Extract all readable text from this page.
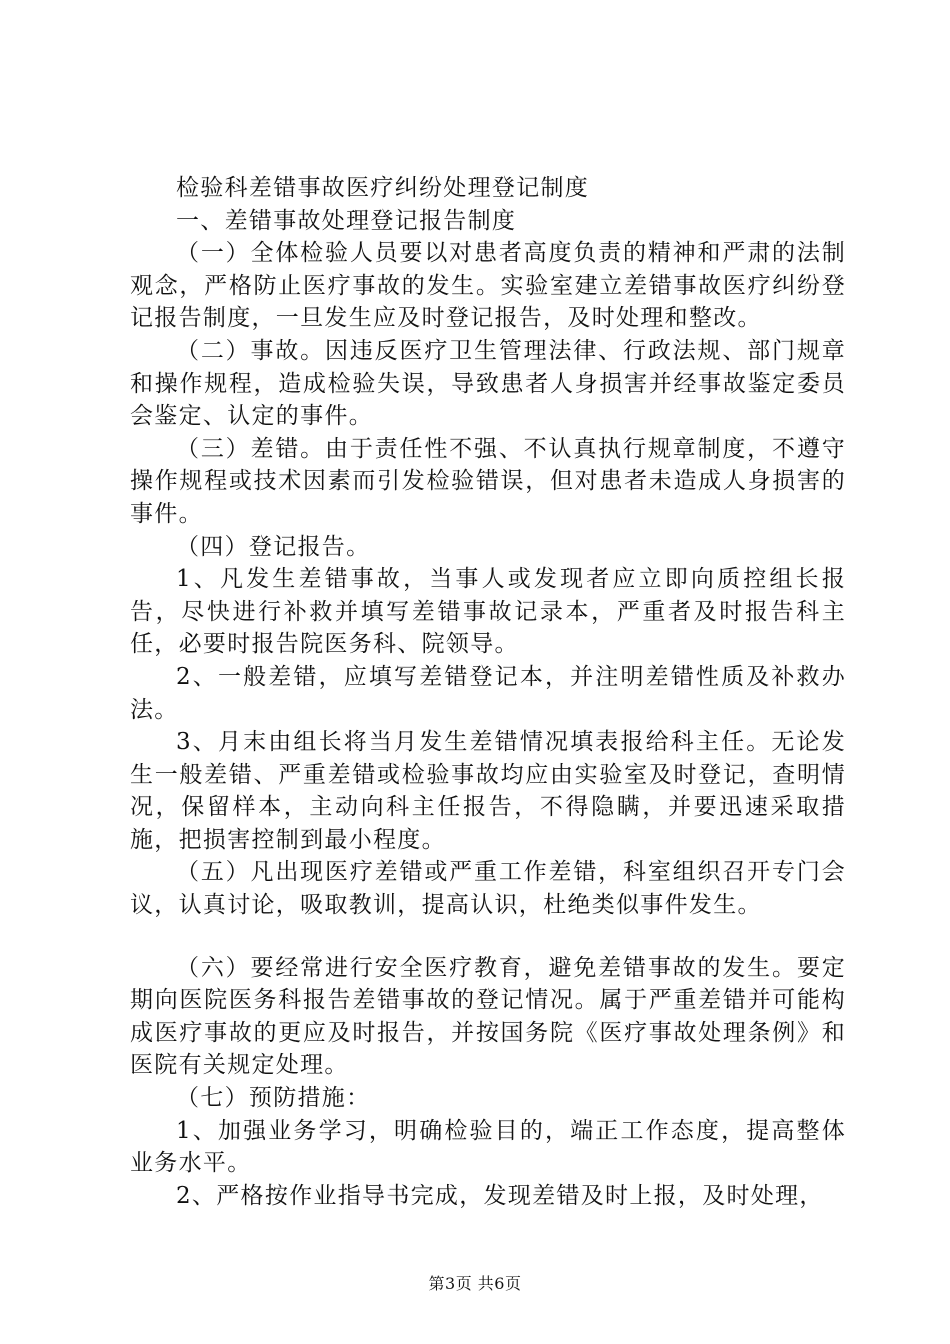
检验科差错事故医疗纠纷处理登记制度

一、差错事故处理登记报告制度

（一）全体检验人员要以对患者高度负责的精神和严肃的法制观念，严格防止医疗事故的发生。实验室建立差错事故医疗纠纷登记报告制度，一旦发生应及时登记报告，及时处理和整改。

（二）事故。因违反医疗卫生管理法律、行政法规、部门规章和操作规程，造成检验失误，导致患者人身损害并经事故鉴定委员会鉴定、认定的事件。

（三）差错。由于责任性不强、不认真执行规章制度，不遵守操作规程或技术因素而引发检验错误，但对患者未造成人身损害的事件。

（四）登记报告。

1、凡发生差错事故，当事人或发现者应立即向质控组长报告，尽快进行补救并填写差错事故记录本，严重者及时报告科主任，必要时报告院医务科、院领导。

2、一般差错，应填写差错登记本，并注明差错性质及补救办法。

3、月末由组长将当月发生差错情况填表报给科主任。无论发生一般差错、严重差错或检验事故均应由实验室及时登记，查明情况，保留样本，主动向科主任报告，不得隐瞒，并要迅速采取措施，把损害控制到最小程度。

（五）凡出现医疗差错或严重工作差错，科室组织召开专门会议，认真讨论，吸取教训，提高认识，杜绝类似事件发生。

（六）要经常进行安全医疗教育，避免差错事故的发生。要定期向医院医务科报告差错事故的登记情况。属于严重差错并可能构成医疗事故的更应及时报告，并按国务院《医疗事故处理条例》和医院有关规定处理。

（七）预防措施：

1、加强业务学习，明确检验目的，端正工作态度，提高整体业务水平。

2、严格按作业指导书完成，发现差错及时上报，及时处理，

第3页 共6页
